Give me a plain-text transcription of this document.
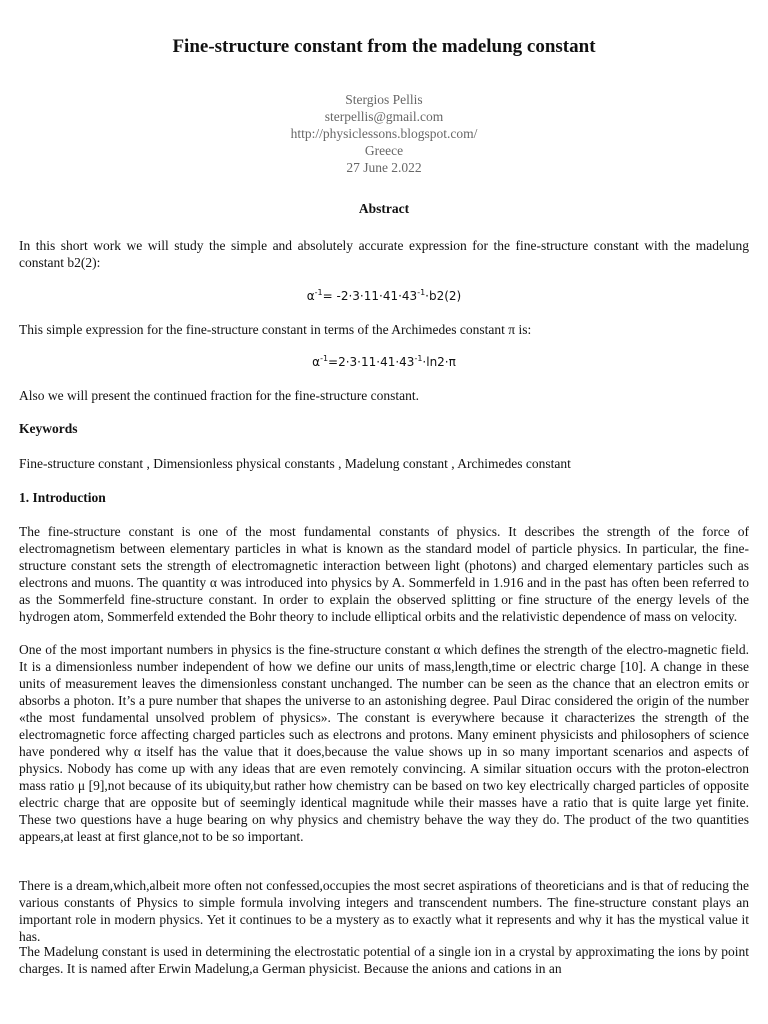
Fine-structure constant from the madelung constant
Stergios Pellis
sterpellis@gmail.com
http://physiclessons.blogspot.com/
Greece
27 June 2.022
Abstract
In this short work we will study the simple and absolutely accurate expression for the fine-structure constant with the madelung constant b2(2):
$\alpha^{-1}= -2\cdot 3\cdot 11\cdot 41\cdot 43^{-1}\cdot b2(2)$
This simple expression for the fine-structure constant in terms of the Archimedes constant π is:
$\alpha^{-1}=2\cdot 3\cdot 11\cdot 41\cdot 43^{-1}\cdot\ln 2\cdot\pi$
Also we will present the continued fraction for the fine-structure constant.
Keywords
Fine-structure constant , Dimensionless physical constants , Madelung constant , Archimedes constant
1. Introduction
The fine-structure constant is one of the most fundamental constants of physics. It describes the strength of the force of electromagnetism between elementary particles in what is known as the standard model of particle physics. In particular, the fine-structure constant sets the strength of electromagnetic interaction between light (photons) and charged elementary particles such as electrons and muons. The quantity α was introduced into physics by A. Sommerfeld in 1.916 and in the past has often been referred to as the Sommerfeld fine-structure constant. In order to explain the observed splitting or fine structure of the energy levels of the hydrogen atom, Sommerfeld extended the Bohr theory to include elliptical orbits and the relativistic dependence of mass on velocity.
One of the most important numbers in physics is the fine-structure constant α which defines the strength of the electro-magnetic field. It is a dimensionless number independent of how we define our units of mass,length,time or electric charge [10]. A change in these units of measurement leaves the dimensionless constant unchanged. The number can be seen as the chance that an electron emits or absorbs a photon. It’s a pure number that shapes the universe to an astonishing degree. Paul Dirac considered the origin of the number «the most fundamental unsolved problem of physics». The constant is everywhere because it characterizes the strength of the electromagnetic force affecting charged particles such as electrons and protons. Many eminent physicists and philosophers of science have pondered why α itself has the value that it does,because the value shows up in so many important scenarios and aspects of physics. Nobody has come up with any ideas that are even remotely convincing. A similar situation occurs with the proton-electron mass ratio μ [9],not because of its ubiquity,but rather how chemistry can be based on two key electrically charged particles of opposite electric charge that are opposite but of seemingly identical magnitude while their masses have a ratio that is quite large yet finite. These two questions have a huge bearing on why physics and chemistry behave the way they do. The product of the two quantities appears,at least at first glance,not to be so important.
There is a dream,which,albeit more often not confessed,occupies the most secret aspirations of theoreticians and is that of reducing the various constants of Physics to simple formula involving integers and transcendent numbers. The fine-structure constant plays an important role in modern physics. Yet it continues to be a mystery as to exactly what it represents and why it has the mystical value it has.
The Madelung constant is used in determining the electrostatic potential of a single ion in a crystal by approximating the ions by point charges. It is named after Erwin Madelung,a German physicist. Because the anions and cations in an
